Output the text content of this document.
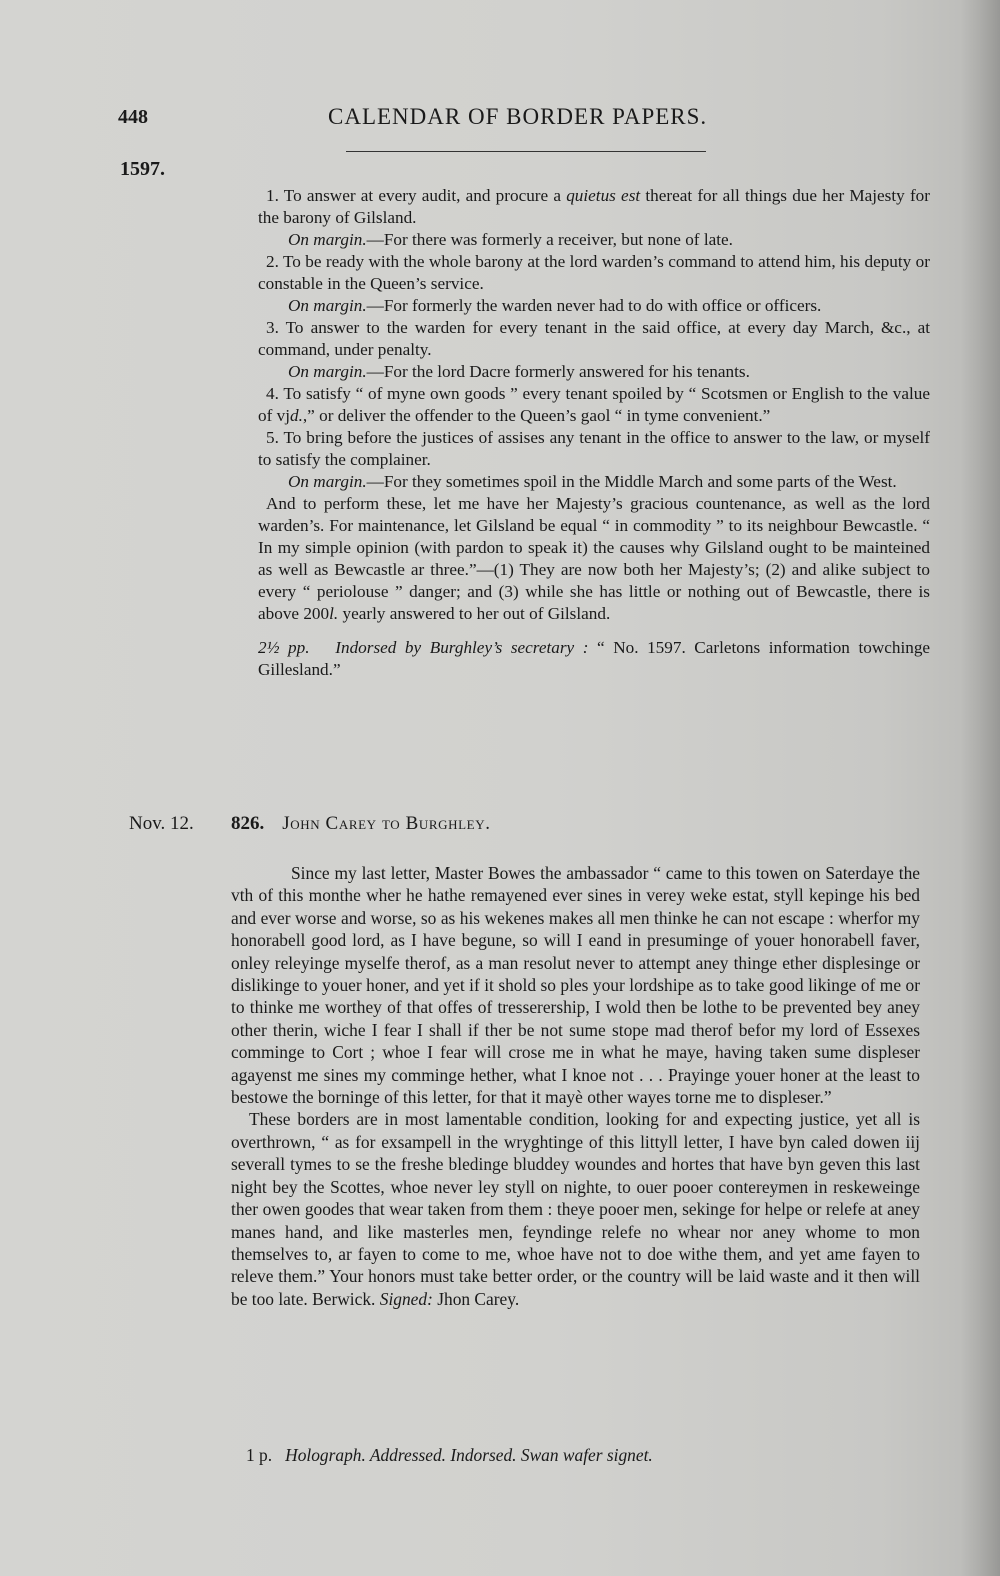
448	CALENDAR OF BORDER PAPERS.
1597.

1. To answer at every audit, and procure a quietus est thereat for all things due her Majesty for the barony of Gilsland.

On margin.—For there was formerly a receiver, but none of late.

2. To be ready with the whole barony at the lord warden’s command to attend him, his deputy or constable in the Queen’s service.

On margin.—For formerly the warden never had to do with office or officers.

3. To answer to the warden for every tenant in the said office, at every day March, &c., at command, under penalty.

On margin.—For the lord Dacre formerly answered for his tenants.

4. To satisfy “ of myne own goods ” every tenant spoiled by “ Scotsmen or English to the value of vjd.,” or deliver the offender to the Queen’s gaol “ in tyme convenient.”

5. To bring before the justices of assises any tenant in the office to answer to the law, or myself to satisfy the complainer.

On margin.—For they sometimes spoil in the Middle March and some parts of the West.

And to perform these, let me have her Majesty’s gracious countenance, as well as the lord warden’s. For maintenance, let Gilsland be equal “ in commodity ” to its neighbour Bewcastle. “ In my simple opinion (with pardon to speak it) the causes why Gilsland ought to be mainteined as well as Bewcastle ar three.”—(1) They are now both her Majesty’s; (2) and alike subject to every “ periolouse ” danger; and (3) while she has little or nothing out of Bewcastle, there is above 200l. yearly answered to her out of Gilsland.

2½ pp. Indorsed by Burghley’s secretary : “ No. 1597. Carletons information towchinge Gillesland.”

Nov. 12. 826. John Carey to Burghley.

Since my last letter, Master Bowes the ambassador “ came to this towen on Saterdaye the vth of this monthe wher he hathe remayened ever sines in verey weke estat, styll kepinge his bed and ever worse and worse, so as his wekenes makes all men thinke he can not escape : wherfor my honorabell good lord, as I have begune, so will I eand in presuminge of youer honorabell faver, onley releyinge myselfe therof, as a man resolut never to attempt aney thinge ether displesinge or dislikinge to youer honer, and yet if it shold so ples your lordshipe as to take good likinge of me or to thinke me worthey of that offes of tresserership, I wold then be lothe to be prevented bey aney other therin, wiche I fear I shall if ther be not sume stope mad therof befor my lord of Essexes comminge to Cort ; whoe I fear will crose me in what he maye, having taken sume displeser agayenst me sines my comminge hether, what I knoe not . . . Prayinge youer honer at the least to bestowe the borninge of this letter, for that it mayè other wayes torne me to displeser.”

These borders are in most lamentable condition, looking for and expecting justice, yet all is overthrown, “ as for exsampell in the wryghtinge of this littyll letter, I have byn caled dowen iij severall tymes to se the freshe bledinge bluddey woundes and hortes that have byn geven this last night bey the Scottes, whoe never ley styll on nighte, to ouer pooer contereymen in reskeweinge ther owen goodes that wear taken from them : theye pooer men, sekinge for helpe or relefe at aney manes hand, and like masterles men, feyndinge relefe no whear nor aney whome to mon themselves to, ar fayen to come to me, whoe have not to doe withe them, and yet ame fayen to releve them.” Your honors must take better order, or the country will be laid waste and it then will be too late. Berwick. Signed: Jhon Carey.

1 p. Holograph. Addressed. Indorsed. Swan wafer signet.
